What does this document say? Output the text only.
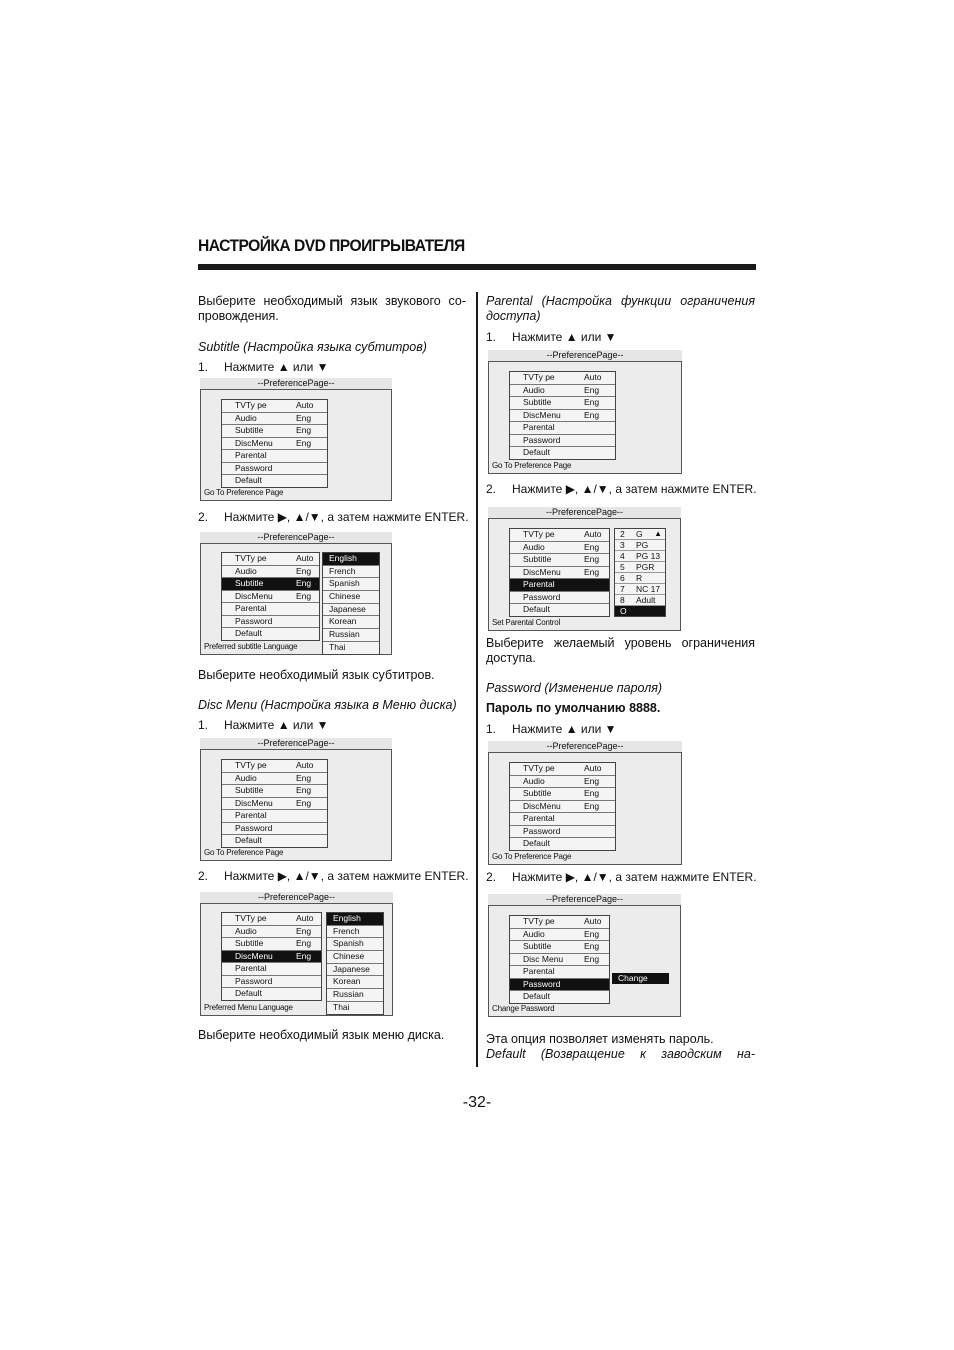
НАСТРОЙКА DVD ПРОИГРЫВАТЕЛЯ
Выберите необходимый язык звукового со-
провождения.
Subtitle (Настройка языка субтитров)
1. Нажмите ▲ или ▼
--PreferencePage--
TVTy pe	Auto
Audio	Eng
Subtitle	Eng
DiscMenu	Eng
Parental
Password
Default
Go To Preference Page
2. Нажмите ▶, ▲/▼, а затем нажмите ENTER.
--PreferencePage--
TVTy pe	Auto
Audio	Eng
Subtitle	Eng
DiscMenu	Eng
Parental
Password
Default
English
French
Spanish
Chinese
Japanese
Korean
Russian
Thai
Preferred subtitle Language
Выберите необходимый язык субтитров.
Disc Menu (Настройка языка в Меню диска)
1. Нажмите ▲ или ▼
--PreferencePage--
TVTy pe	Auto
Audio	Eng
Subtitle	Eng
DiscMenu	Eng
Parental
Password
Default
Go To Preference Page
2. Нажмите ▶, ▲/▼, а затем нажмите ENTER.
--PreferencePage--
TVTy pe	Auto
Audio	Eng
Subtitle	Eng
DiscMenu	Eng
Parental
Password
Default
English
French
Spanish
Chinese
Japanese
Korean
Russian
Thai
Preferred Menu Language
Выберите необходимый язык меню диска.
Parental (Настройка функции ограничения
доступа)
1. Нажмите ▲ или ▼
--PreferencePage--
TVTy pe	Auto
Audio	Eng
Subtitle	Eng
DiscMenu	Eng
Parental
Password
Default
Go To Preference Page
2. Нажмите ▶, ▲/▼, а затем нажмите ENTER.
--PreferencePage--
TVTy pe	Auto
Audio	Eng
Subtitle	Eng
DiscMenu	Eng
Parental
Password
Default
2 G ▲
3 PG
4 PG 13
5 PGR
6 R
7 NC 17
8 Adult
O
Set Parental Control
Выберите желаемый уровень ограничения
доступа.
Password (Изменение пароля)
Пароль по умолчанию 8888.
1. Нажмите ▲ или ▼
--PreferencePage--
TVTy pe	Auto
Audio	Eng
Subtitle	Eng
DiscMenu	Eng
Parental
Password
Default
Go To Preference Page
2. Нажмите ▶, ▲/▼, а затем нажмите ENTER.
--PreferencePage--
TVTy pe	Auto
Audio	Eng
Subtitle	Eng
Disc Menu Eng
Parental
Password
Default
Change
Change Password
Эта опция позволяет изменять пароль.
Default (Возвращение к заводским на-
-32-
